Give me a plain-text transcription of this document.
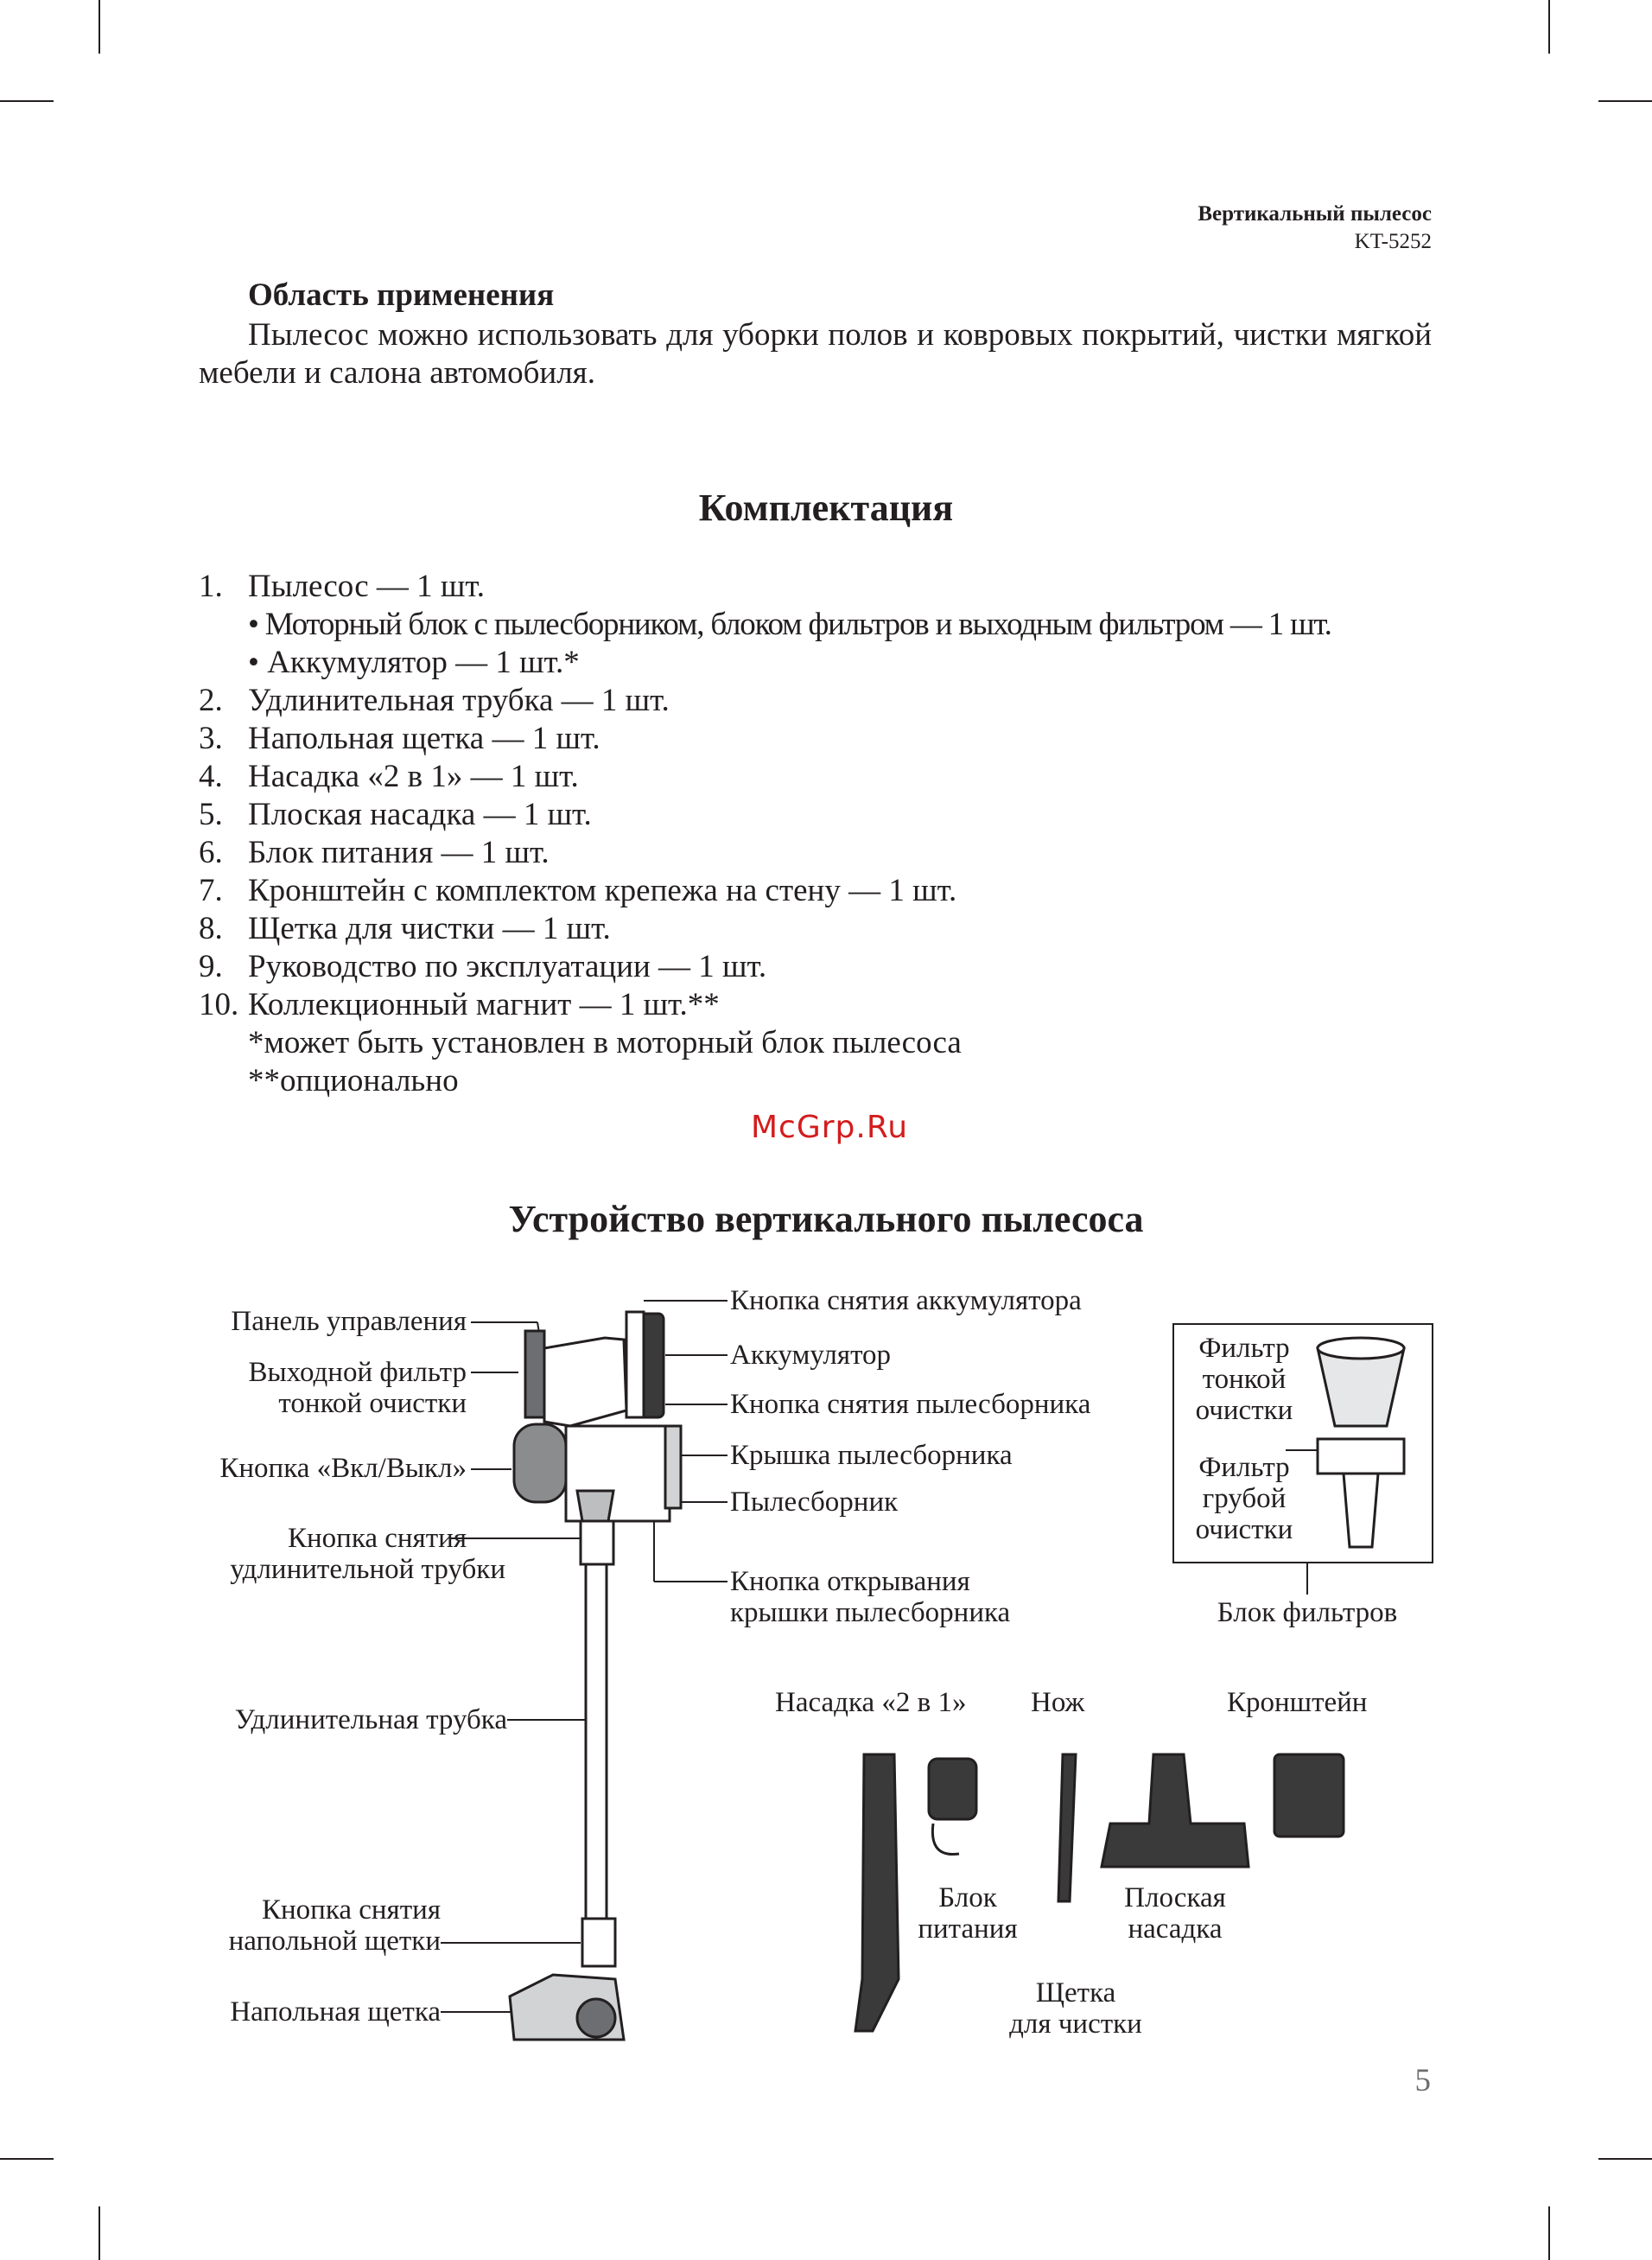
Вертикальный пылесос
KT-5252
Область применения
Пылесос можно использовать для уборки полов и ковровых покрытий, чистки мягкой мебели и салона автомобиля.
Комплектация
1. Пылесос — 1 шт.
• Моторный блок с пылесборником, блоком фильтров и выходным фильтром — 1 шт.
• Аккумулятор — 1 шт.*
2. Удлинительная трубка — 1 шт.
3. Напольная щетка — 1 шт.
4. Насадка «2 в 1» — 1 шт.
5. Плоская насадка — 1 шт.
6. Блок питания — 1 шт.
7. Кронштейн с комплектом крепежа на стену — 1 шт.
8. Щетка для чистки — 1 шт.
9. Руководство по эксплуатации — 1 шт.
10. Коллекционный магнит — 1 шт.**
*может быть установлен в моторный блок пылесоса
**опционально
McGrp.Ru
Устройство вертикального пылесоса
Панель управления
Выходной фильтр
тонкой очистки
Кнопка «Вкл/Выкл»
Кнопка снятия
удлинительной трубки
Удлинительная трубка
Кнопка снятия
напольной щетки
Напольная щетка
Кнопка снятия аккумулятора
Аккумулятор
Кнопка снятия пылесборника
Крышка пылесборника
Пылесборник
Кнопка открывания
крышки пылесборника
Фильтр
тонкой
очистки
Фильтр
грубой
очистки
Блок фильтров
Насадка «2 в 1» Нож	Кронштейн
Блок
питания
Плоская
насадка
Щетка
для чистки
5
